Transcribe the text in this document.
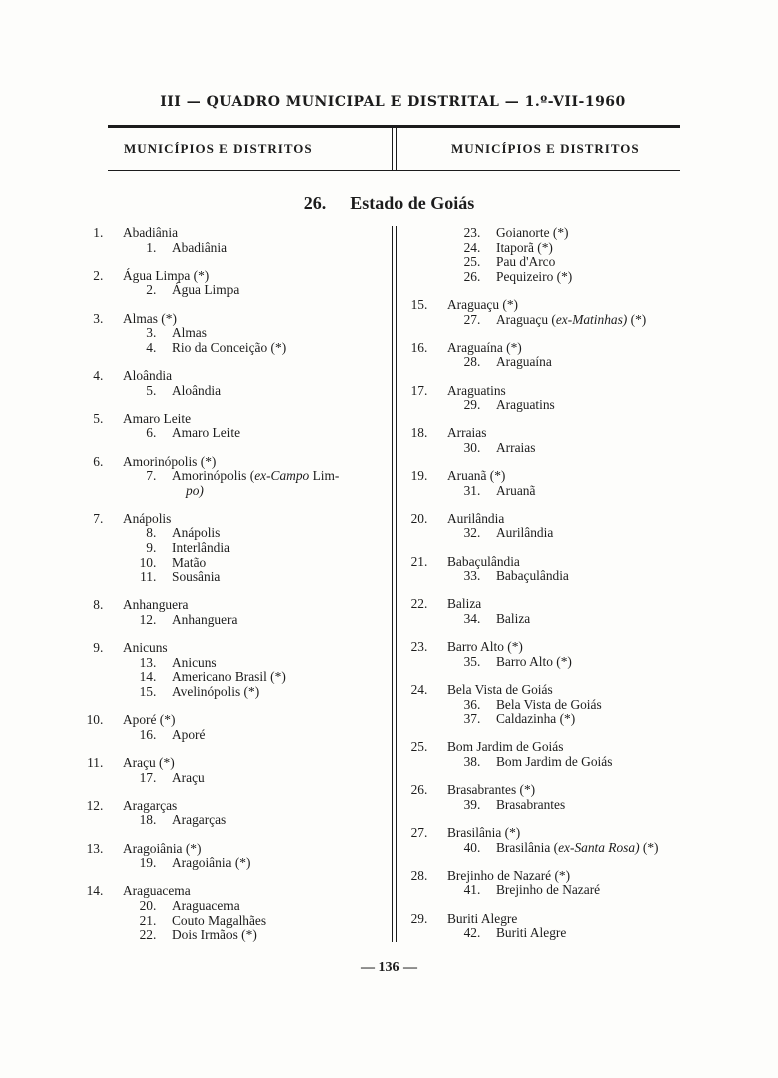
III — QUADRO MUNICIPAL E DISTRITAL — 1.º-VII-1960
MUNICÍPIOS E DISTRITOS	MUNICÍPIOS E DISTRITOS
26. Estado de Goiás
1 . Abadiânia
1 . Abadiânia
2 . Água Limpa (*)
2 . Água Limpa
3 . Almas (*)
3 . Almas
4 . Rio da Conceição (*)
4 . Aloândia
5 . Aloândia
5 . Amaro Leite
6 . Amaro Leite
6 . Amorinópolis (*)
7 . Amorinópolis (ex-Campo Lim-
po)
7 . Anápolis
8 . Anápolis
9 . Interlândia
10 . Matão
11 . Sousânia
8 . Anhanguera
12 . Anhanguera
9 . Anicuns
13 . Anicuns
14 . Americano Brasil (*)
15 . Avelinópolis (*)
10 . Aporé (*)
16 . Aporé
11 . Araçu (*)
17 . Araçu
12 . Aragarças
18 . Aragarças
13 . Aragoiânia (*)
19 . Aragoiânia (*)
14 . Araguacema
20 . Araguacema
21 . Couto Magalhães
22 . Dois Irmãos (*)
23 . Goianorte (*)
24 . Itaporã (*)
25 . Pau d'Arco
26 . Pequizeiro (*)
15 . Araguaçu (*)
27 . Araguaçu (ex-Matinhas) (*)
16 . Araguaína (*)
28 . Araguaína
17 . Araguatins
29 . Araguatins
18 . Arraias
30 . Arraias
19 . Aruanã (*)
31 . Aruanã
20 . Aurilândia
32 . Aurilândia
21 . Babaçulândia
33 . Babaçulândia
22 . Baliza
34 . Baliza
23 . Barro Alto (*)
35 . Barro Alto (*)
24 . Bela Vista de Goiás
36 . Bela Vista de Goiás
37 . Caldazinha (*)
25 . Bom Jardim de Goiás
38 . Bom Jardim de Goiás
26 . Brasabrantes (*)
39 . Brasabrantes
27 . Brasilânia (*)
40 . Brasilânia (ex-Santa Rosa) (*)
28 . Brejinho de Nazaré (*)
41 . Brejinho de Nazaré
29 . Buriti Alegre
42 . Buriti Alegre
— 136 —
